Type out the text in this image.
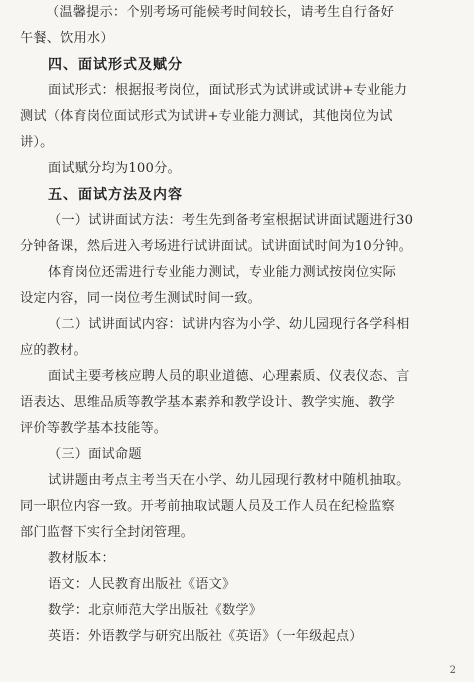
（温馨提示：个别考场可能候考时间较长，请考生自行备好
午餐、饮用水）
四、面试形式及赋分
面试形式：根据报考岗位，面试形式为试讲或试讲+专业能力
测试（体育岗位面试形式为试讲+专业能力测试，其他岗位为试
讲）。
面试赋分均为100分。
五、面试方法及内容
（一）试讲面试方法：考生先到备考室根据试讲面试题进行30
分钟备课，然后进入考场进行试讲面试。试讲面试时间为10分钟。
体育岗位还需进行专业能力测试，专业能力测试按岗位实际
设定内容，同一岗位考生测试时间一致。
（二）试讲面试内容：试讲内容为小学、幼儿园现行各学科相
应的教材。
面试主要考核应聘人员的职业道德、心理素质、仪表仪态、言
语表达、思维品质等教学基本素养和教学设计、教学实施、教学
评价等教学基本技能等。
（三）面试命题
试讲题由考点主考当天在小学、幼儿园现行教材中随机抽取。
同一职位内容一致。开考前抽取试题人员及工作人员在纪检监察
部门监督下实行全封闭管理。
教材版本：
语文：人民教育出版社《语文》
数学：北京师范大学出版社《数学》
英语：外语教学与研究出版社《英语》（一年级起点）
2
